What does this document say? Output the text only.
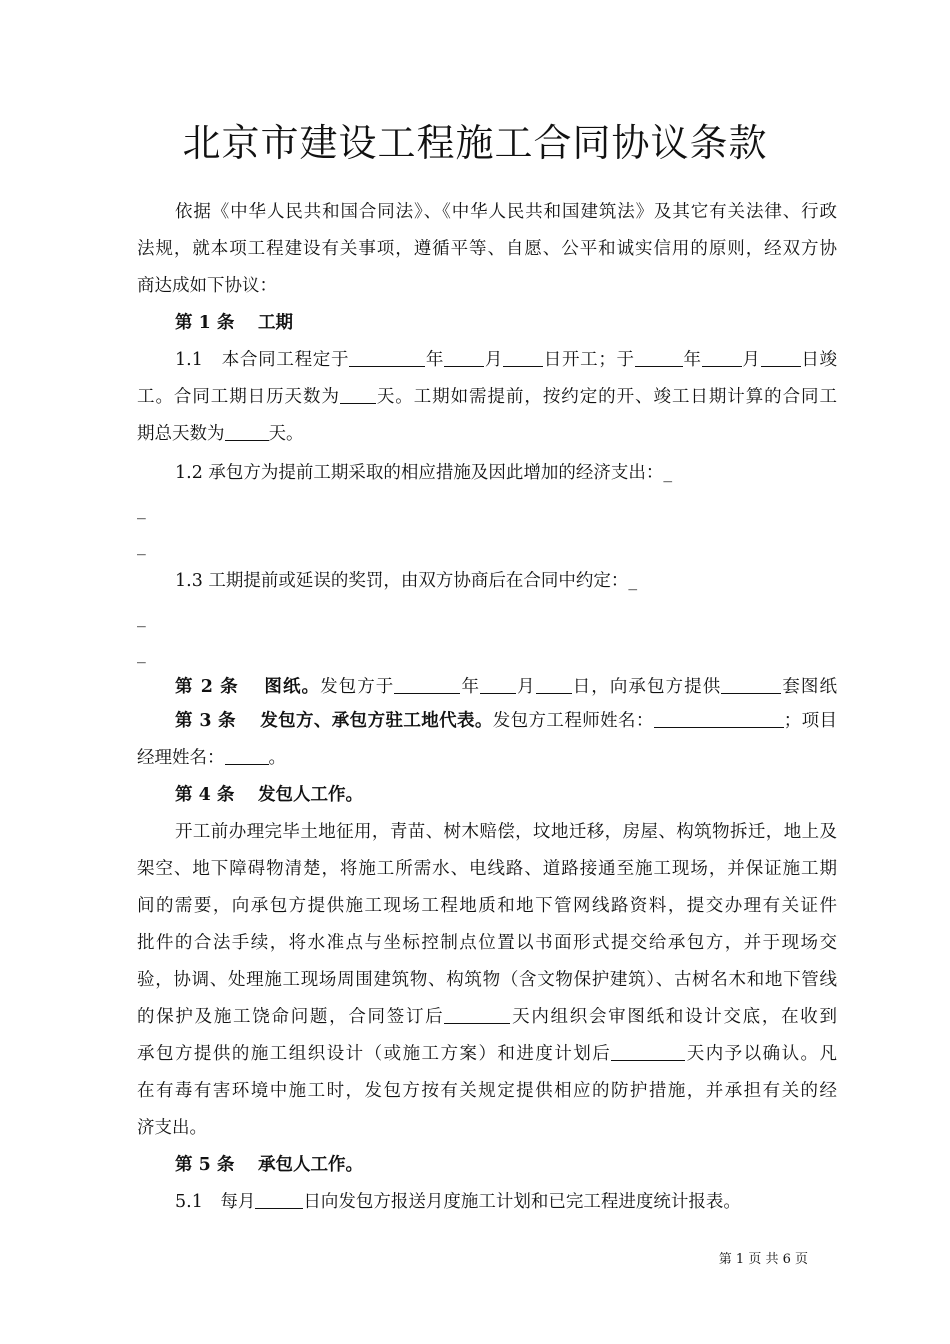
北京市建设工程施工合同协议条款
依据《中华人民共和国合同法》、《中华人民共和国建筑法》及其它有关法律、行政
法规，就本项工程建设有关事项，遵循平等、自愿、公平和诚实信用的原则，经双方协
商达成如下协议：
第 1 条　 工期
1.1　本合同工程定于	年 月 日开工；于	年 月 日竣
工。合同工期日历天数为 天。工期如需提前，按约定的开、竣工日期计算的合同工
期总天数为	天。
1.2 承包方为提前工期采取的相应措施及因此增加的经济支出：_
_
_
1.3 工期提前或延误的奖罚，由双方协商后在合同中约定：_
_
_
第 2 条　 图纸。发包方于	年 月 日，向承包方提供	套图纸
第 3 条　 发包方、承包方驻工地代表。发包方工程师姓名：	；项目
经理姓名：	。
第 4 条　 发包人工作。
开工前办理完毕土地征用，青苗、树木赔偿，坟地迁移，房屋、构筑物拆迁，地上及
架空、地下障碍物清楚，将施工所需水、电线路、道路接通至施工现场，并保证施工期
间的需要，向承包方提供施工现场工程地质和地下管网线路资料，提交办理有关证件
批件的合法手续，将水准点与坐标控制点位置以书面形式提交给承包方，并于现场交
验，协调、处理施工现场周围建筑物、构筑物（含文物保护建筑）、古树名木和地下管线
的保护及施工饶命问题，合同签订后	天内组织会审图纸和设计交底，在收到
承包方提供的施工组织设计（或施工方案）和进度计划后	天内予以确认。凡
在有毒有害环境中施工时，发包方按有关规定提供相应的防护措施，并承担有关的经
济支出。
第 5 条　 承包人工作。
5.1　每月	日向发包方报送月度施工计划和已完工程进度统计报表。
第 1 页 共 6 页
